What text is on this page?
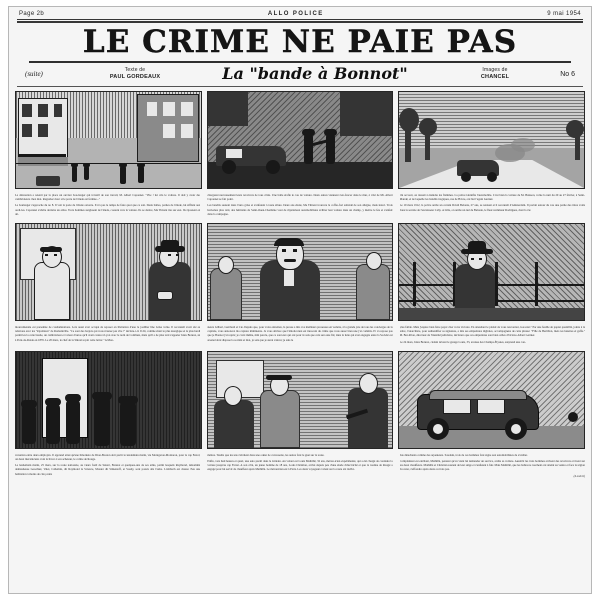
Page 2b	ALLO POLICE	9 mai 1954
LE CRIME NE PAIE PAS
(suite)	Texte de
PAUL GORDEAUX	La "bande à Bonnot"	Images de
CHANCEL	No 6

La détonation a retenti par la place un ouvrier bou-langer qui travaill de son travail, M. Albert Caponnet. "Vite ! lui cria le voiture. Il doit y avoir des cambrioleurs chez moi. Regardez donc si le porte de l'étude est fermée..."

Le boulanger s'approche du no 8. Il voit la porte de l'étude ouverte. Il n'a pas le temps de faire quoi que ce soit. Deux balles, parties de l'étude, lui sifflent aux oreil-les. Caponnet s'abrite derrière un arbre. Trois hommes surgissent de l'étude, courent vers la voiture. Ils se dextre, Me Thirent tire sur eux. Ils ripostent en dé-

chargeant nerveusement leurs revolvers de tous côtés. Une balle érafle le cou de voiture. Deux autres viennent s'en-foncer dans le mur, à côté de Mr. Albert Caponnet se fait point.

Les bandits sautent dans l'auto grise et s'enfuient à toute allure. Deux ans étude, Me Thirent trouvera la coffre-fort subsidé de son allégée, mais intact. Trois hom-mes plus tard, des habitants de Saint-Ouen-l'Aumône vont de mystérieux automobilistes aviliter leur voiture dans un champ, y mettre le feu et s'enfuir dans la campagne.

On accourt, on réussit à éteindre les flammes. La police identifie l'automobile. C'est bien la voiture de M. Buisson, volée la nuit du 20 au 27 février, à Saint-Mandé, et de laquelle les bandits tragiques, rue de Havre, ont but l'agent Garnier.

Le 19 mars 1912, la police arrête un certain David Belonie, 27 ans, se rennant et il reconnaît d'Amsterdam. Il portait autour du cou une partie des titres volés dans la secrète de l'encaisseur Caby. A Lille, on arrête un nul de Belonie, le fleur nommeur Rodrigues, dont la vie

mouvementée est parsemée de condamnations. Lois aussi s'est occupé de reposer en libération d'une le joaillier lme Grise volée. Il reconnaît avoir été au relations avec les "tripoliéres" de Romainville. "Ce sont des barjots qui vous n'aurez pas vite !" déclare-t-il. Il dit, comme étant le plus énergique et le plus hardi parmi les la cette bande, un cambrioleur et voleur d'autos qu'il avait connu à Lyon avec le nom de Combien, mais qu'il a de plus tard s'appeler Jules Bonnot, né à Pont-de-Roide en 1876. Le 20 mars, le chef de la Sûreté reçoit cette lettre: "A Mon-

sieurs Gilbert, Guichard et Cie. Depuis que, pour votre entretien, la presse a mis vos meilleurs prouesses en vedette, à la grande joie de tous les concierges de la capitale, vous annoncez ma capture imminente. Je vous déclare que l'émoticonné est innocent du crime que vous aurez bien une j'ai commis. Et va repose pas que je Bonnot j'ai repris; je croix même, mm parole, que ce sont eux qui ont pour Je sais que cela sera une fin; dans la lutte qui s'est engagée entre la Société est arsenal dont dispose la société et moi, je sais que je aurai vaincu; je suis le

plus faible. Mais j'espère bien faire payer cher votre victoire. En attendant le plaisir de vous rencontrer, Gar-nier." Par une feuille de papier quadrillé, jointe à la lettre, l'anarchiste, pour authentifier sa signature, a mis ses empreintes digitales, accompagnées de cette phrase: "Fille de Bertillon, mets tes lunettes et gaffe." M. Ber-tillon, directeur de l'identité judiciaire, déclarera que ces empreintes sont bien celles d'Octave-Albert Garnier.

Le 24 mars, Jules Bonnot, cédant devant le garage Louis, 33, avenue des Champs-Élysées, surprend une con-

versation entre deux employés. Il apprend ainsi qu'une limonière de Dion-Bouton doit partir le lendemain matin, via Montgeron-Montaron, pour le cap Ferrel, où deux mécaniciens vont la livrer à son acheteur, le comte de Rouge.

Le lendemain matin, 25 mars, sur la route nationale, au vieux forêt de Sénart, Bonnot et quelques-uns de ses amis, parmi lesquels Raymond, dénommé demandeuse Gau-thier, Valet, Callemin, dit Raymond le Science, Monier dit Simentoff, et Soudy, sont postés dès l'aube. L'embuch est dressé. Peu une habitation à moins de cinq cents

mètres. Tandis que les uns s'abritent dans une odeur de carrosserie, les autres font le guet sur la route.

Enfin, vers huit heures et quart, une auto paraît dans le lointain. An volant est Louis Mathillé, 32 ans, mécan-icien expérimenté, qui a été chargé de conduire la voiture jusqu'au cap Ferret. A son côté, un jeune homme de 18 ans, Louis Christian, arrivé depuis peu d'une étude d'électricité et que la routine de Rougé a engagé pour lui servir de chauffeur après Mathillé. Le mécanicien est à Paris. Les deux voyageurs volent sur la route six indivi-

dus détachants comme des arpenteurs. Soudain, trois de ces hommes font signe aux automobilistes de s'arrêter.

Complainant est enrôlant, Mathillé, pensant qu'on vient lui demander un service, arrête sa voiture. Aussitôt les trois hommes arrivent des revolvers et tirent sur les deux chauffeurs. Mathillé et Christian sautent de leur siège et s'enfuient à fuir. Mais Mathillé, que les balles ne touchent ont atteint au ventre et face la région du cœur, s'effondre après deux ou trois pas.

(A suivre)
